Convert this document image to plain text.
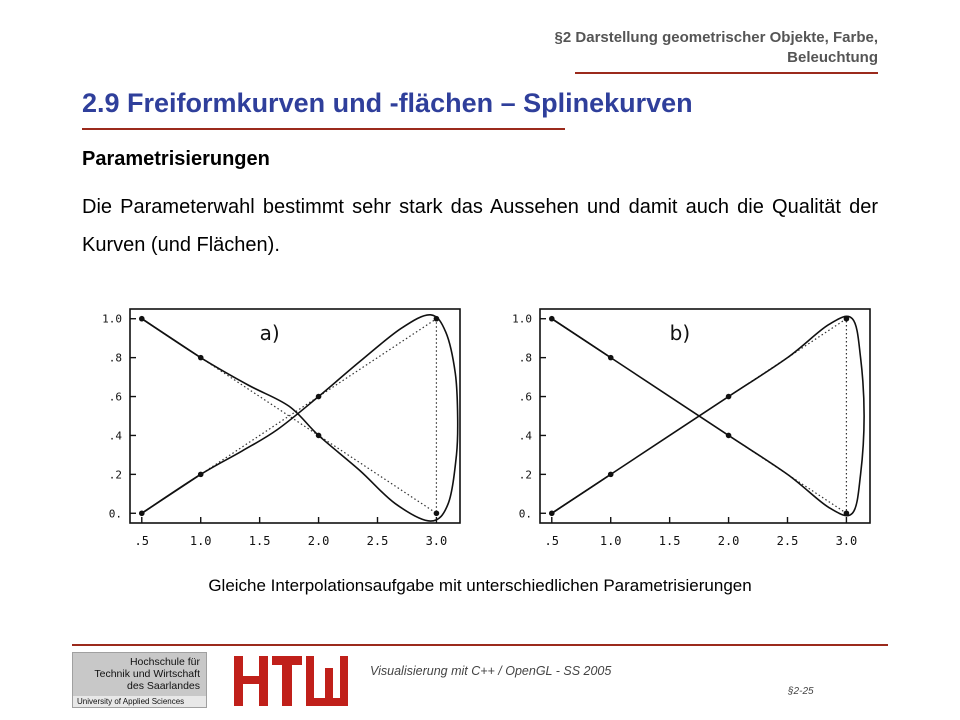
§2 Darstellung geometrischer Objekte, Farbe,
Beleuchtung
2.9 Freiformkurven und -flächen – Splinekurven
Parametrisierungen
Die Parameterwahl bestimmt sehr stark das Aussehen und damit auch die Qualität der Kurven (und Flächen).
0.
.2
.4
.6
.8
1.0
.5	1.0	1.5	2.0	2.5	3.0
a)
0.
.2
.4
.6
.8
1.0
.5	1.0	1.5	2.0	2.5	3.0
b)
Gleiche Interpolationsaufgabe mit unterschiedlichen Parametrisierungen
Hochschule für
Technik und Wirtschaft
des Saarlandes
University of Applied Sciences
Visualisierung mit C++ / OpenGL - SS 2005
§2-25
